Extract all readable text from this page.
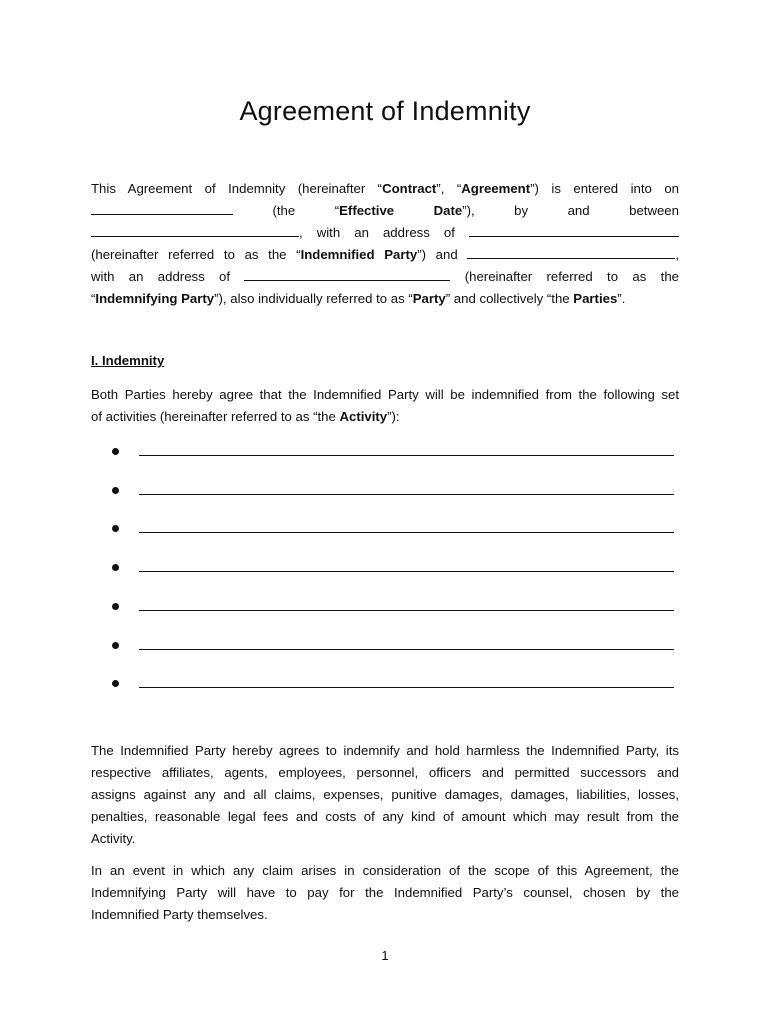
Agreement of Indemnity
This Agreement of Indemnity (hereinafter “Contract”, “Agreement”) is entered into on
(the	“Effective Date”),	by	and	between
, with an address of
(hereinafter referred to as the “Indemnified Party”) and	,
with an address of	(hereinafter referred to as the
“Indemnifying Party”), also individually referred to as “Party” and collectively “the Parties”.
I. Indemnity
Both Parties hereby agree that the Indemnified Party will be indemnified from the following set
of activities (hereinafter referred to as “the Activity”):
The Indemnified Party hereby agrees to indemnify and hold harmless the Indemnified Party, its
respective affiliates, agents, employees, personnel, officers and permitted successors and
assigns against any and all claims, expenses, punitive damages, damages, liabilities, losses,
penalties, reasonable legal fees and costs of any kind of amount which may result from the
Activity.
In an event in which any claim arises in consideration of the scope of this Agreement, the
Indemnifying Party will have to pay for the Indemnified Party’s counsel, chosen by the
Indemnified Party themselves.
1
